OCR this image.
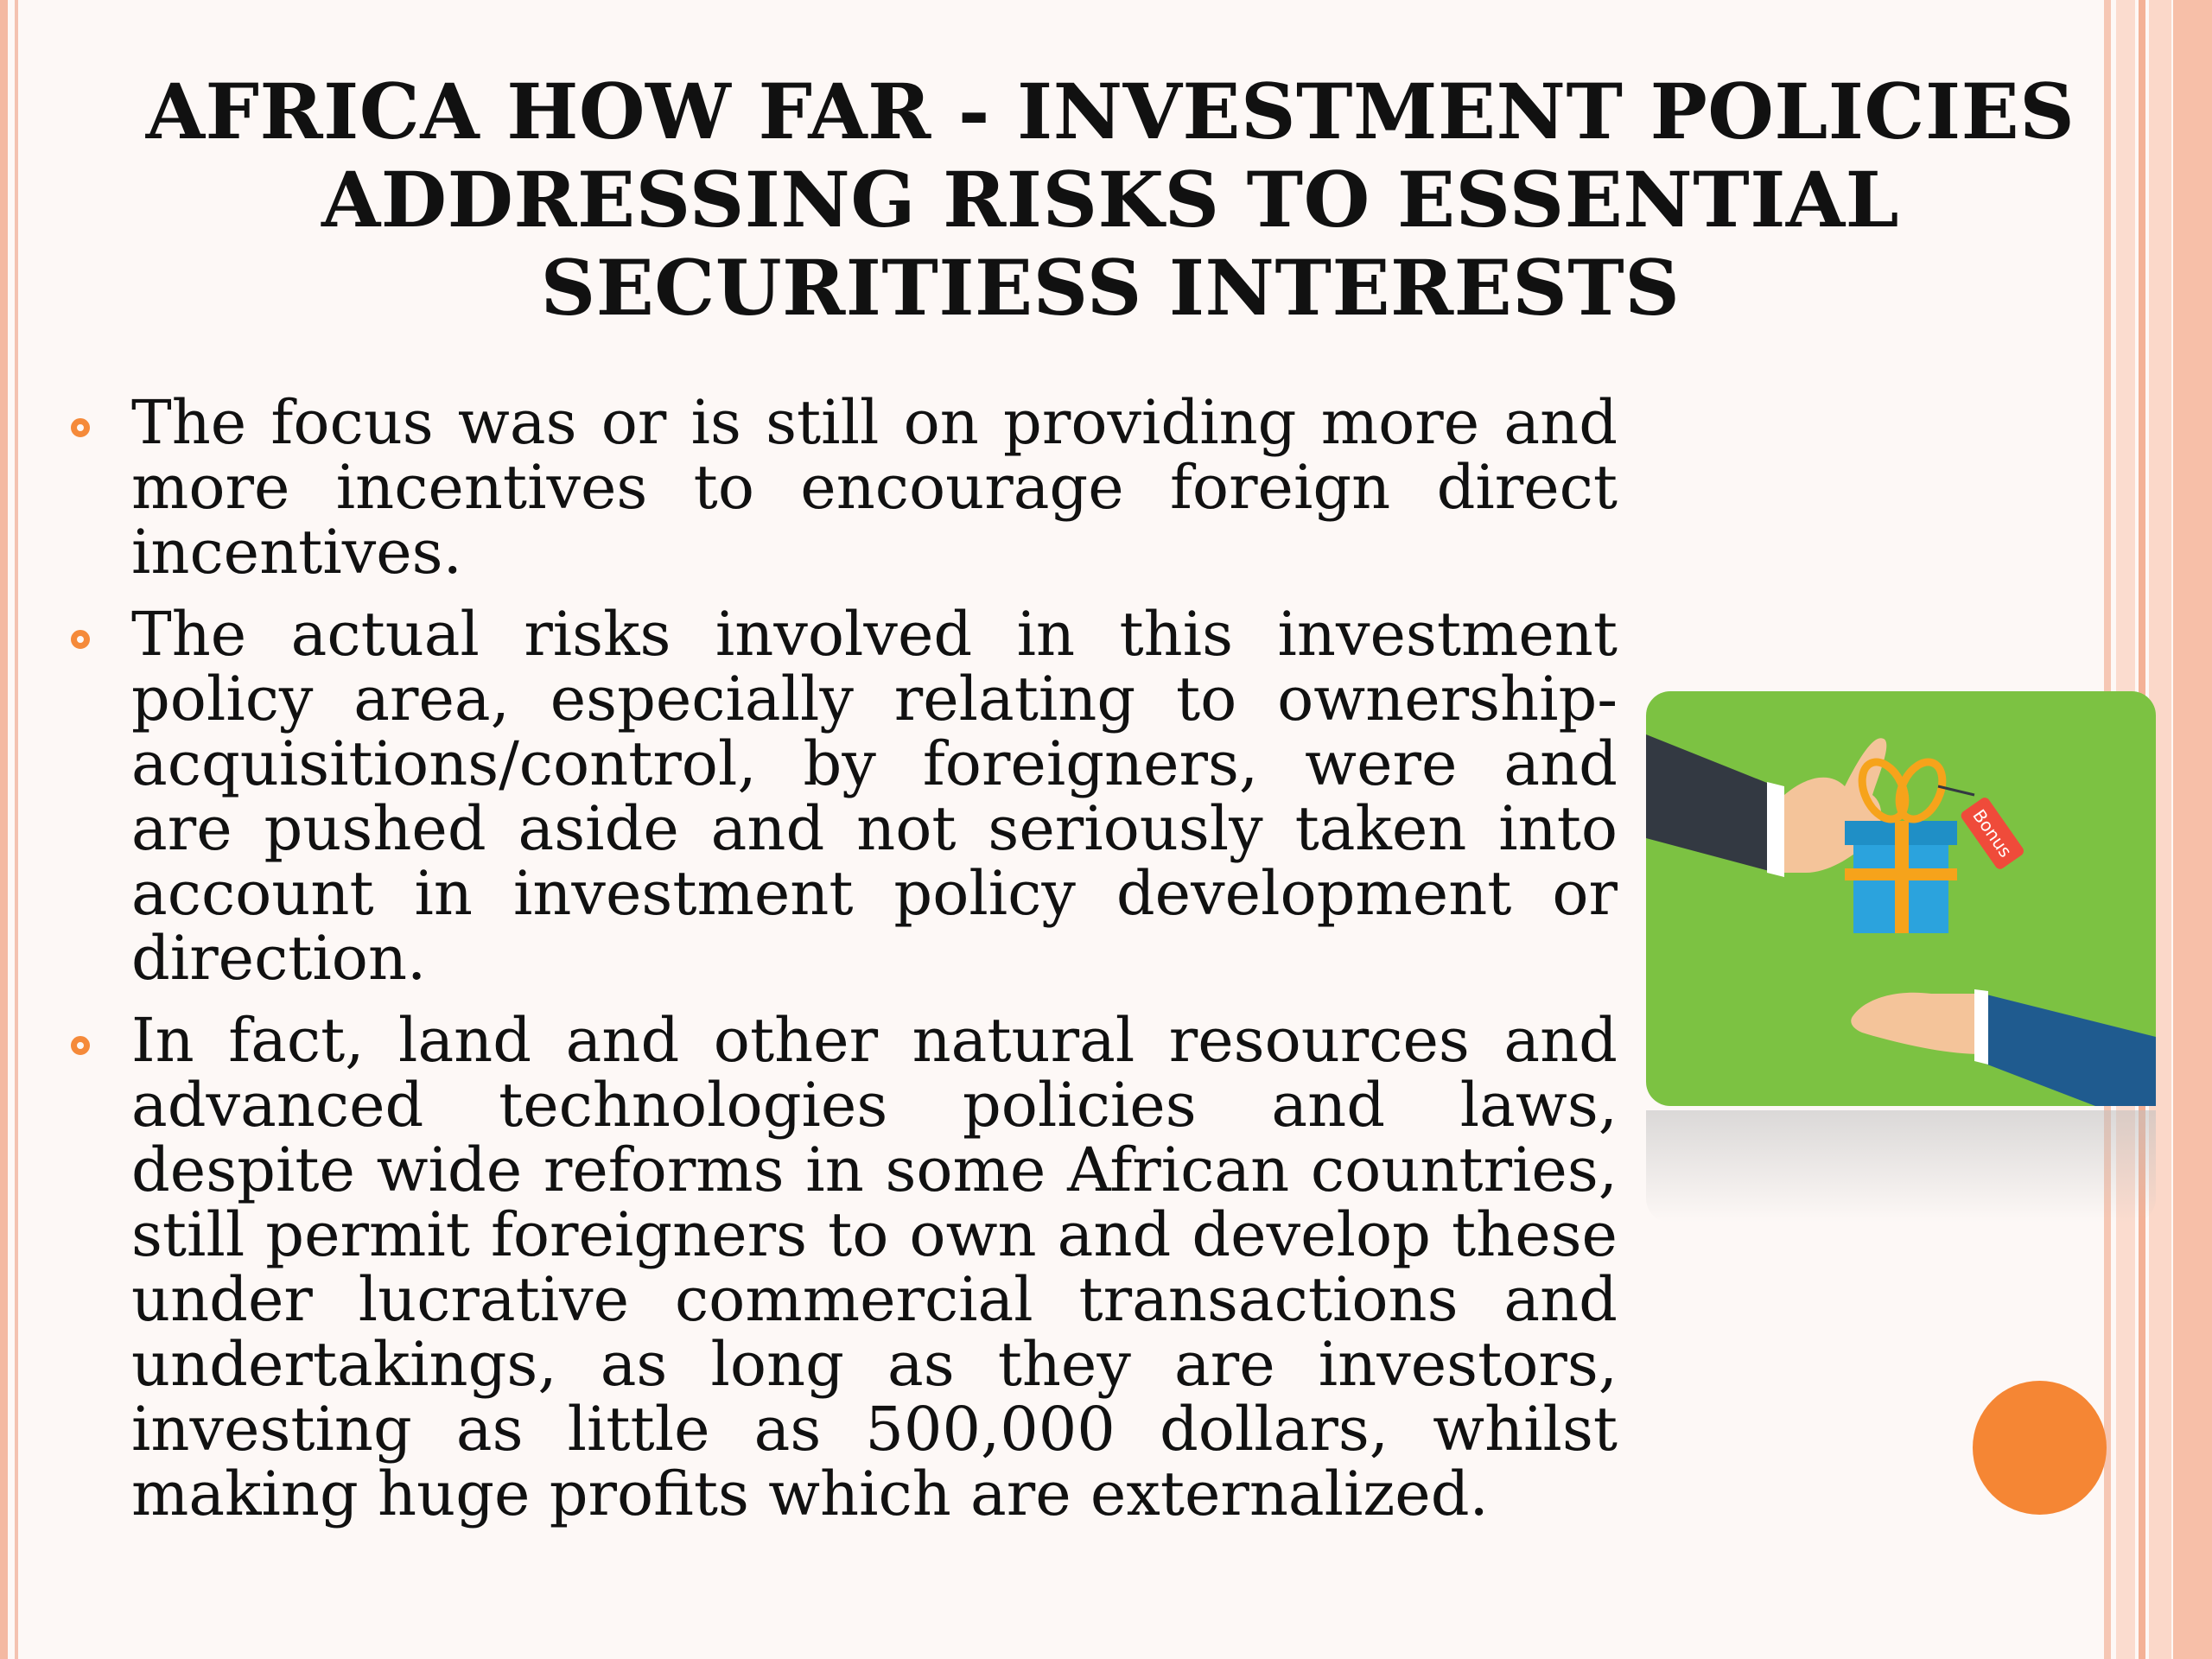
AFRICA HOW FAR - INVESTMENT POLICIES
ADDRESSING RISKS TO ESSENTIAL
SECURITIESS INTERESTS
The focus was or is still on providing more and more incentives to encourage foreign direct incentives.
The actual risks involved in this investment policy area, especially relating to ownership-acquisitions/control, by foreigners, were and are pushed aside and not seriously taken into account in investment policy development or direction.
In fact, land and other natural resources and advanced technologies policies and laws, despite wide reforms in some African countries, still permit foreigners to own and develop these under lucrative commercial transactions and undertakings, as long as they are investors, investing as little as 500,000 dollars, whilst making huge profits which are externalized.
Bonus
